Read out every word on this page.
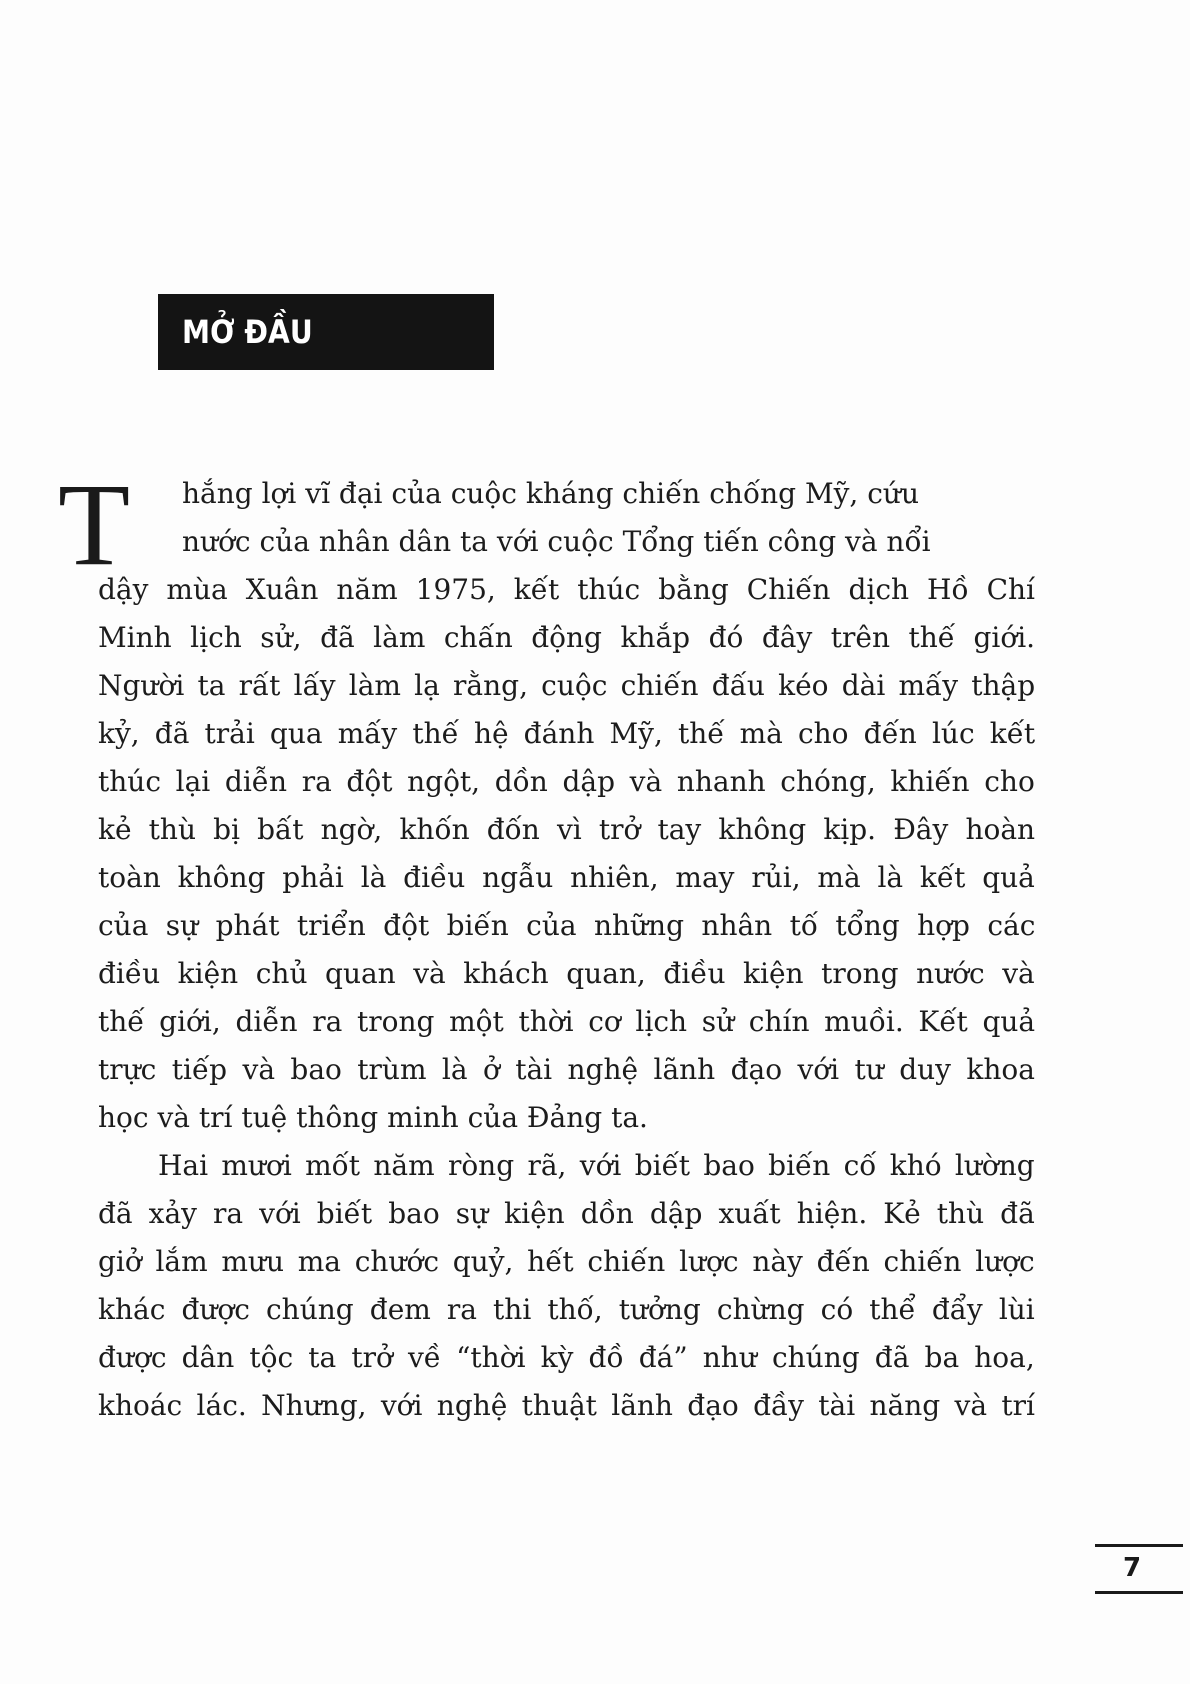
MỞ ĐẦU
T hắng lợi vĩ đại của cuộc kháng chiến chống Mỹ, cứu
nước của nhân dân ta với cuộc Tổng tiến công và nổi
dậy mùa Xuân năm 1975, kết thúc bằng Chiến dịch Hồ Chí
Minh lịch sử, đã làm chấn động khắp đó đây trên thế giới.
Người ta rất lấy làm lạ rằng, cuộc chiến đấu kéo dài mấy thập
kỷ, đã trải qua mấy thế hệ đánh Mỹ, thế mà cho đến lúc kết
thúc lại diễn ra đột ngột, dồn dập và nhanh chóng, khiến cho
kẻ thù bị bất ngờ, khốn đốn vì trở tay không kịp. Đây hoàn
toàn không phải là điều ngẫu nhiên, may rủi, mà là kết quả
của sự phát triển đột biến của những nhân tố tổng hợp các
điều kiện chủ quan và khách quan, điều kiện trong nước và
thế giới, diễn ra trong một thời cơ lịch sử chín muồi. Kết quả
trực tiếp và bao trùm là ở tài nghệ lãnh đạo với tư duy khoa
học và trí tuệ thông minh của Đảng ta.
Hai mươi mốt năm ròng rã, với biết bao biến cố khó lường
đã xảy ra với biết bao sự kiện dồn dập xuất hiện. Kẻ thù đã
giở lắm mưu ma chước quỷ, hết chiến lược này đến chiến lược
khác được chúng đem ra thi thố, tưởng chừng có thể đẩy lùi
được dân tộc ta trở về “thời kỳ đồ đá” như chúng đã ba hoa,
khoác lác. Nhưng, với nghệ thuật lãnh đạo đầy tài năng và trí
7
